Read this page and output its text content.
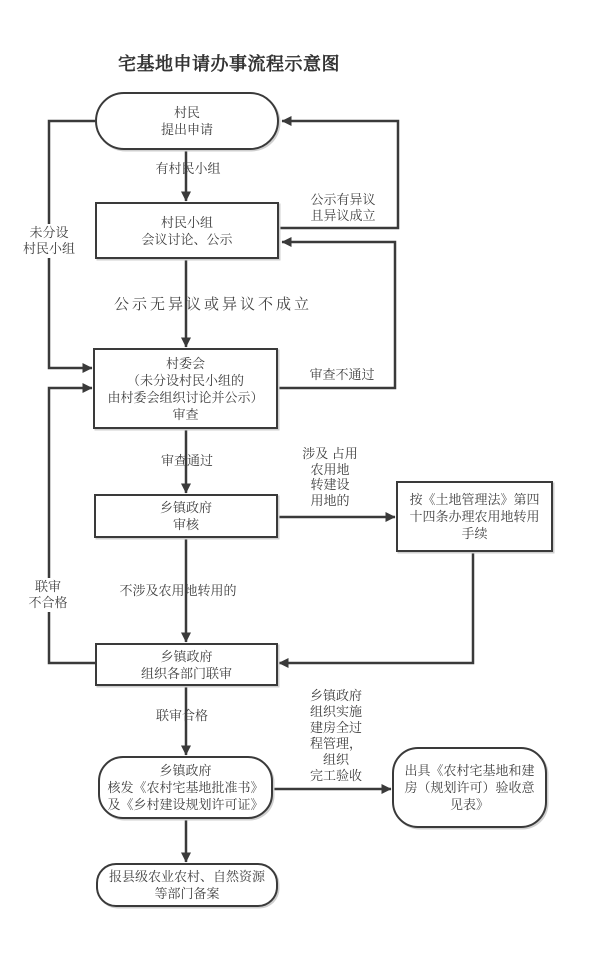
宅基地申请办事流程示意图
村民
提出申请
村民小组
会议讨论、公示
村委会
（未分设村民小组的
由村委会组织讨论并公示）
审查
乡镇政府
审核
乡镇政府
组织各部门联审
乡镇政府
核发《农村宅基地批准书》
及《乡村建设规划许可证》
报县级农业农村、自然资源
等部门备案
按《土地管理法》第四
十四条办理农用地转用
手续
出具《农村宅基地和建
房（规划许可）验收意
见表》
有村民小组
公示有异议
且异议成立
公示无异议或异议不成立
未分设
村民小组
审查不通过
审查通过	涉及 占用
农用地
转建设
用地的
不涉及农用地转用的
联审
不合格
联审合格
乡镇政府
组织实施
建房全过
程管理，
组织
完工验收
